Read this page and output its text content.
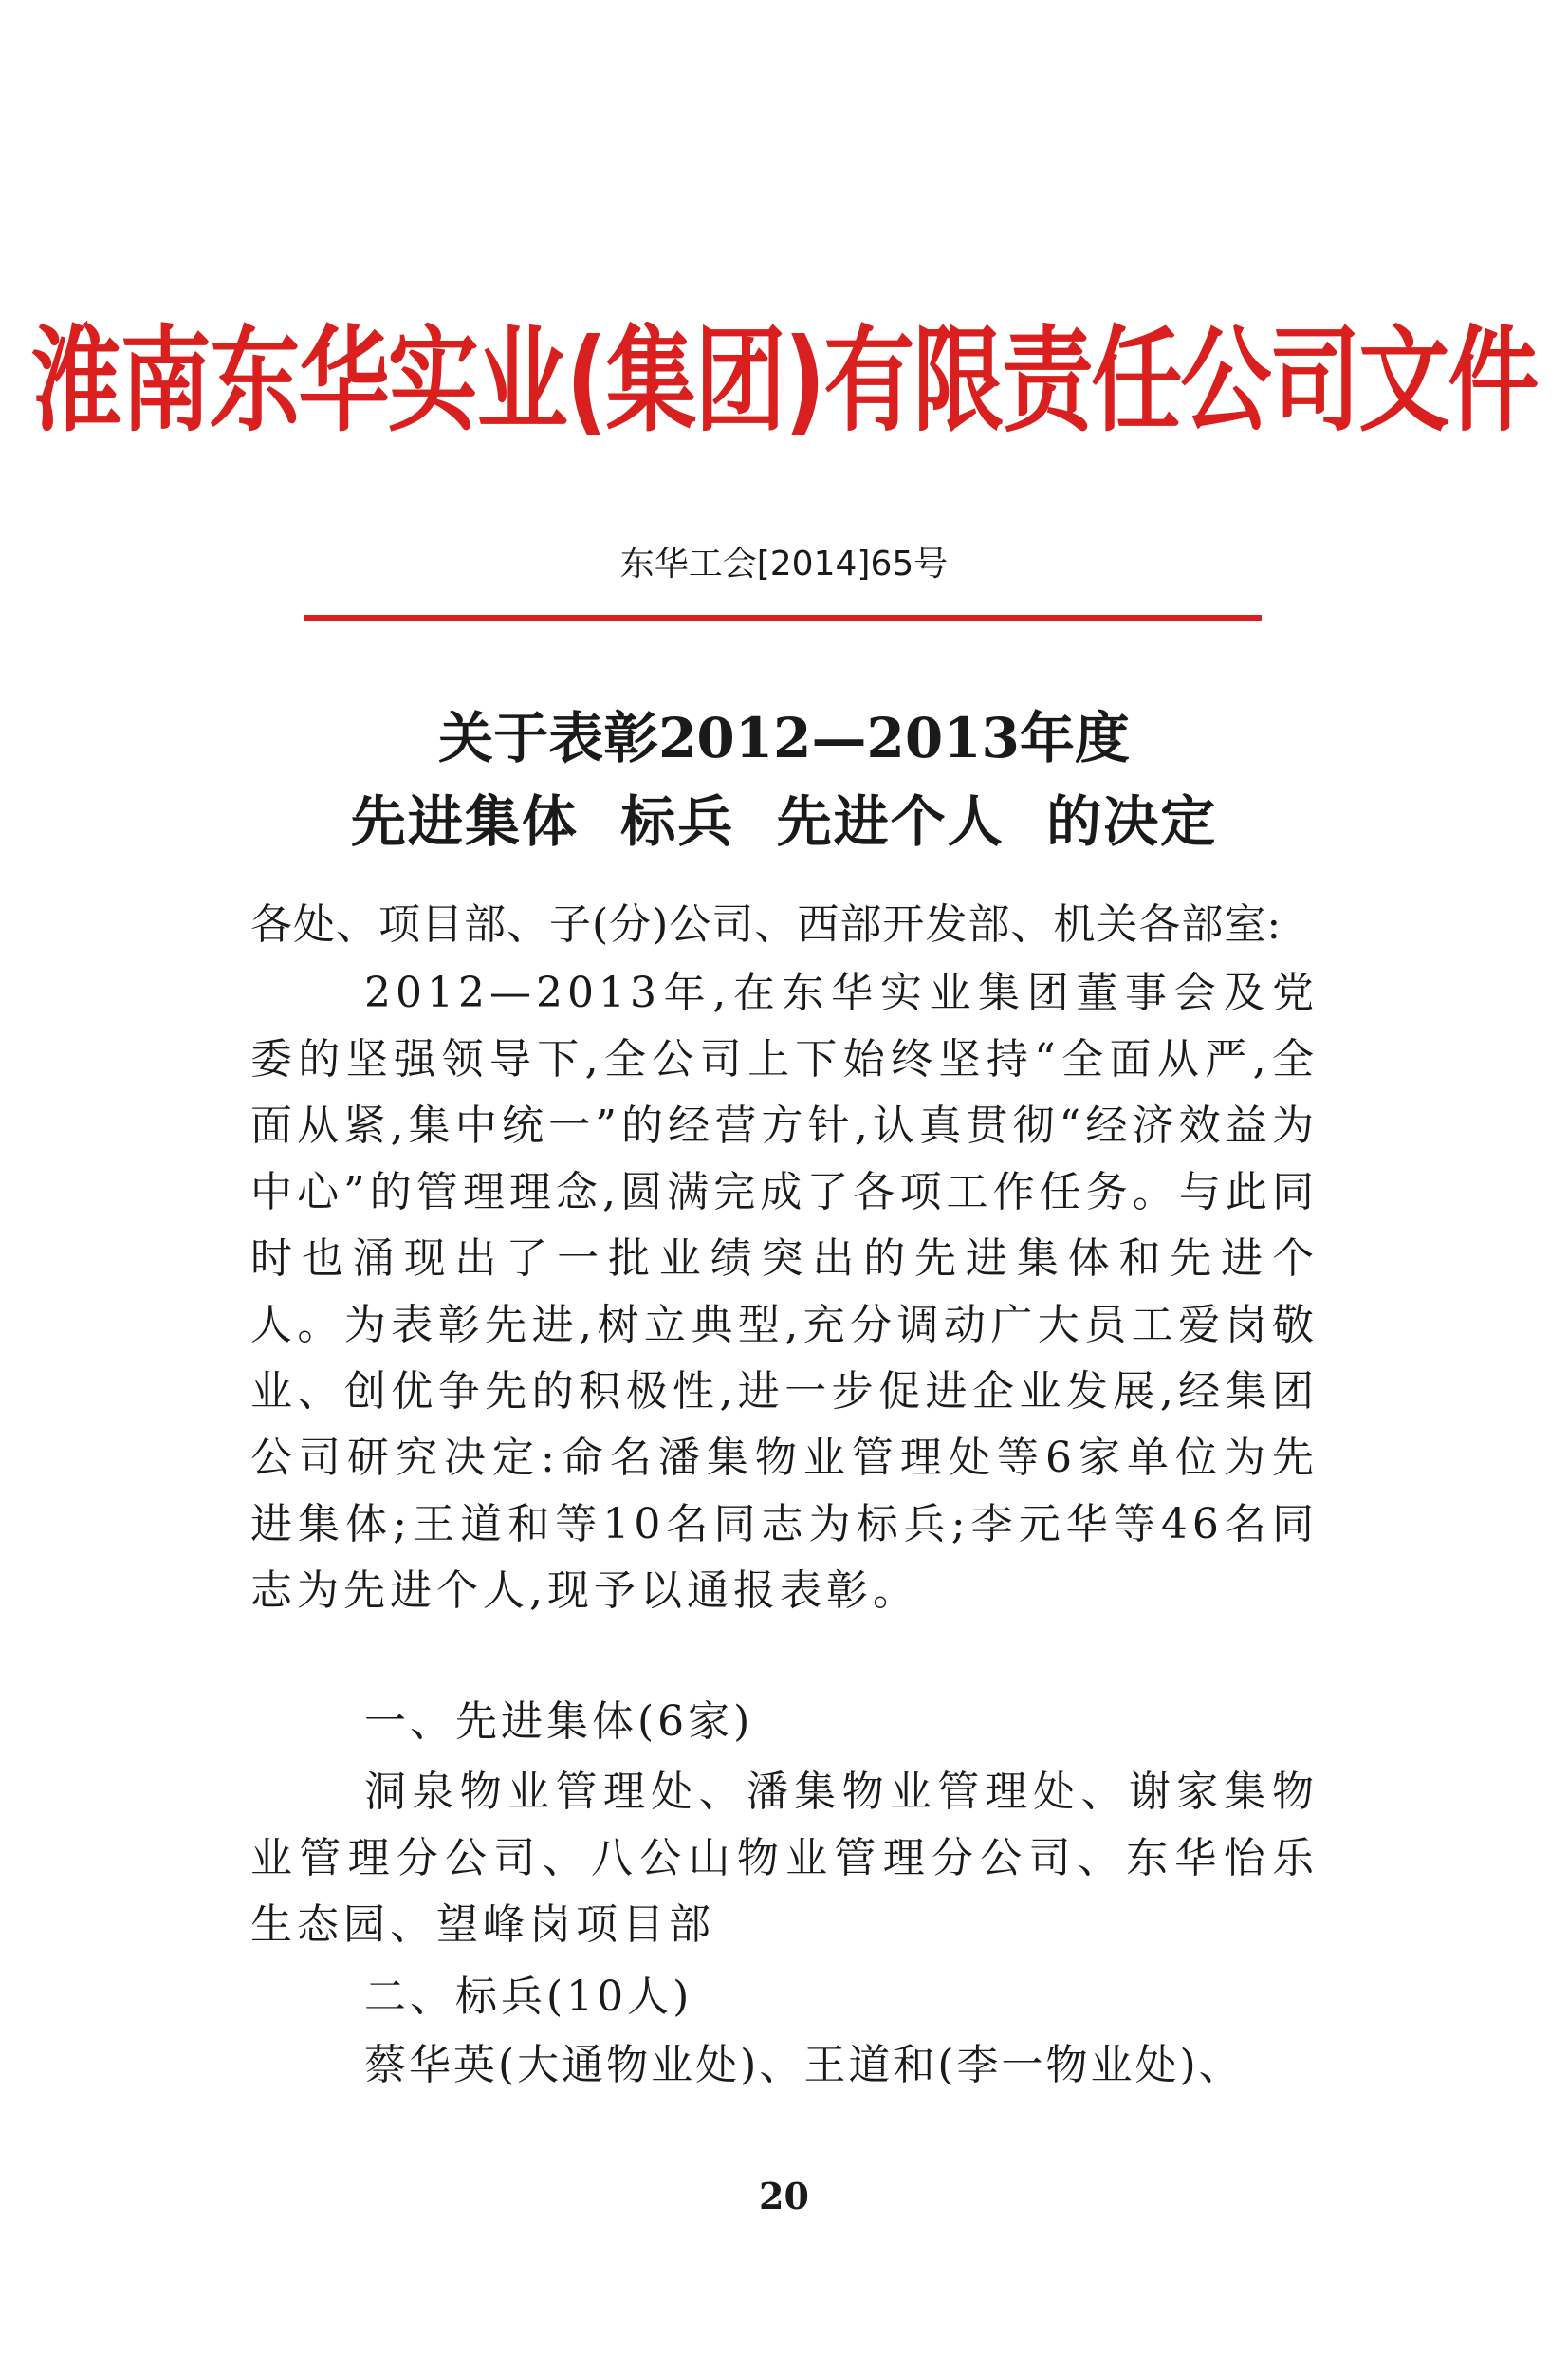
淮南东华实业(集团)有限责任公司文件
东华工会[2014]65号
关于表彰2012—2013年度
先进集体  标兵  先进个人  的决定
各处、项目部、子(分)公司、西部开发部、机关各部室:
2012—2013年,在东华实业集团董事会及党委的坚强领导下,全公司上下始终坚持“全面从严,全面从紧,集中统一”的经营方针,认真贯彻“经济效益为中心”的管理理念,圆满完成了各项工作任务。与此同时也涌现出了一批业绩突出的先进集体和先进个人。为表彰先进,树立典型,充分调动广大员工爱岗敬业、创优争先的积极性,进一步促进企业发展,经集团公司研究决定:命名潘集物业管理处等6家单位为先进集体;王道和等10名同志为标兵;李元华等46名同志为先进个人,现予以通报表彰。
一、先进集体(6家)
洞泉物业管理处、潘集物业管理处、谢家集物业管理分公司、八公山物业管理分公司、东华怡乐生态园、望峰岗项目部
二、标兵(10人)
蔡华英(大通物业处)、王道和(李一物业处)、
20
